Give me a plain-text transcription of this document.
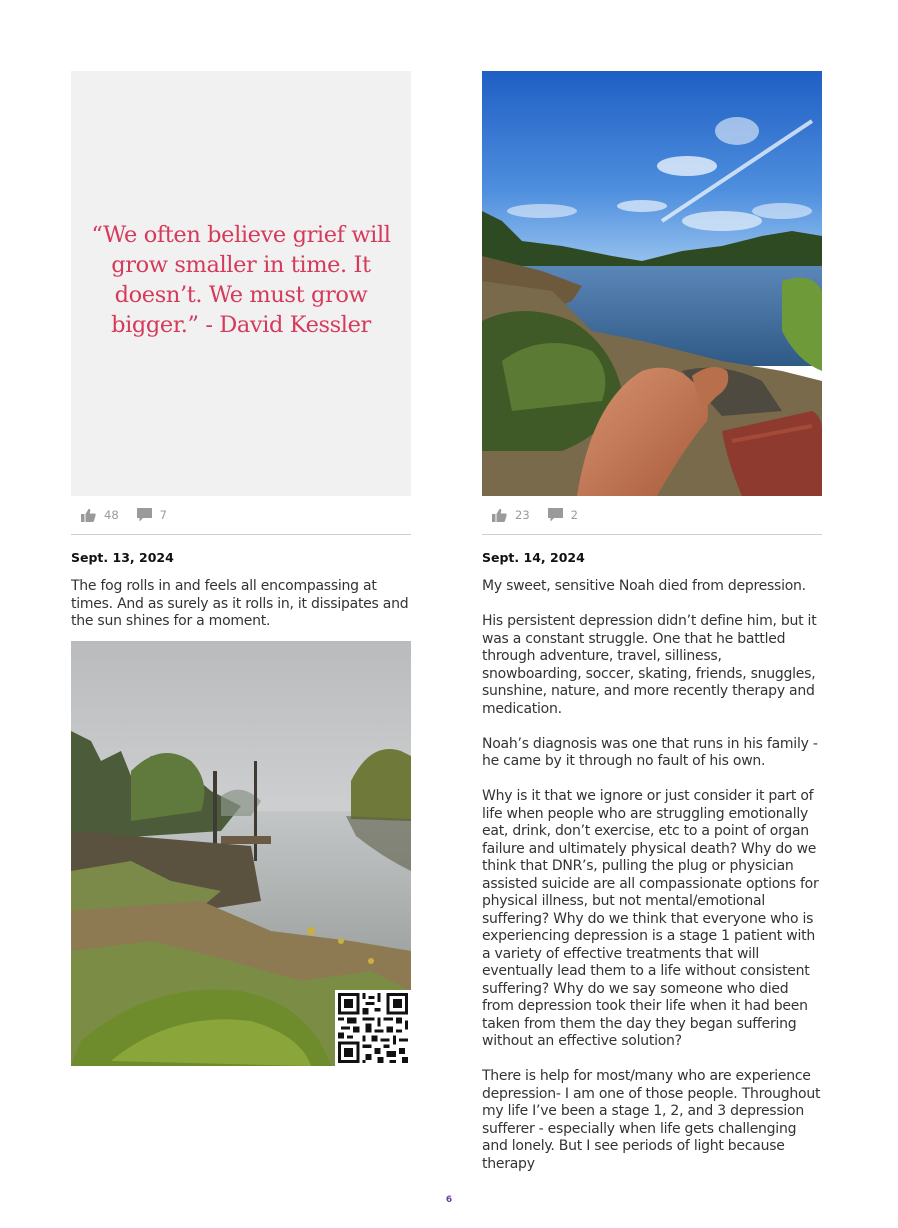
“We often believe grief will grow smaller in time. It doesn’t. We must grow bigger.” - David Kessler
48	7
Sept. 13, 2024

The fog rolls in and feels all encompassing at times. And as surely as it rolls in, it dissipates and the sun shines for a moment.

23	2
Sept. 14, 2024

My sweet, sensitive Noah died from depression.

His persistent depression didn’t define him, but it was a constant struggle. One that he battled through adventure, travel, silliness, snowboarding, soccer, skating, friends, snuggles, sunshine, nature, and more recently therapy and medication.

Noah’s diagnosis was one that runs in his family - he came by it through no fault of his own.

Why is it that we ignore or just consider it part of life when people who are struggling emotionally eat, drink, don’t exercise, etc to a point of organ failure and ultimately physical death? Why do we think that DNR’s, pulling the plug or physician assisted suicide are all compassionate options for physical illness, but not mental/emotional suffering? Why do we think that everyone who is experiencing depression is a stage 1 patient with a variety of effective treatments that will eventually lead them to a life without consistent suffering? Why do we say someone who died from depression took their life when it had been taken from them the day they began suffering without an effective solution?

There is help for most/many who are experience depression- I am one of those people. Throughout my life I’ve been a stage 1, 2, and 3 depression sufferer - especially when life gets challenging and lonely. But I see periods of light because therapy

6
